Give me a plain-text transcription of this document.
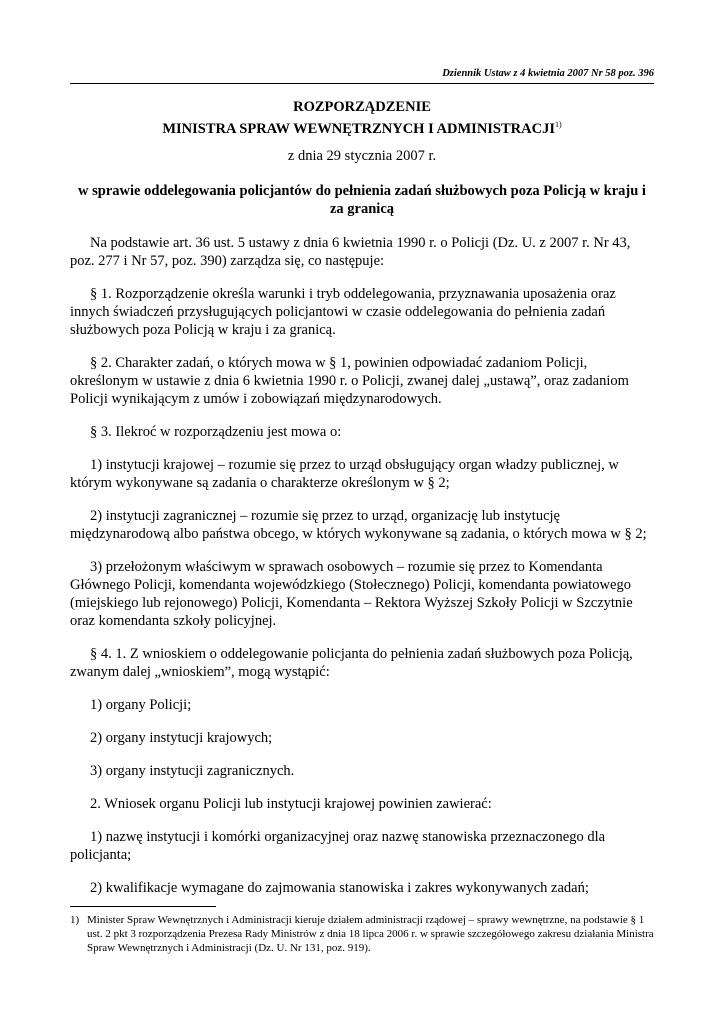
Dziennik Ustaw z 4 kwietnia 2007 Nr 58 poz. 396
ROZPORZĄDZENIE
MINISTRA SPRAW WEWNĘTRZNYCH I ADMINISTRACJI$^{1)}$
z dnia 29 stycznia 2007 r.
w sprawie oddelegowania policjantów do pełnienia zadań służbowych poza Policją w kraju i za granicą

Na podstawie art. 36 ust. 5 ustawy z dnia 6 kwietnia 1990 r. o Policji (Dz. U. z 2007 r. Nr 43, poz. 277 i Nr 57, poz. 390) zarządza się, co następuje:

§ 1. Rozporządzenie określa warunki i tryb oddelegowania, przyznawania uposażenia oraz innych świadczeń przysługujących policjantowi w czasie oddelegowania do pełnienia zadań służbowych poza Policją w kraju i za granicą.

§ 2. Charakter zadań, o których mowa w § 1, powinien odpowiadać zadaniom Policji, określonym w ustawie z dnia 6 kwietnia 1990 r. o Policji, zwanej dalej „ustawą”, oraz zadaniom Policji wynikającym z umów i zobowiązań międzynarodowych.

§ 3. Ilekroć w rozporządzeniu jest mowa o:

1) instytucji krajowej – rozumie się przez to urząd obsługujący organ władzy publicznej, w którym wykonywane są zadania o charakterze określonym w § 2;

2) instytucji zagranicznej – rozumie się przez to urząd, organizację lub instytucję międzynarodową albo państwa obcego, w których wykonywane są zadania, o których mowa w § 2;

3) przełożonym właściwym w sprawach osobowych – rozumie się przez to Komendanta Głównego Policji, komendanta wojewódzkiego (Stołecznego) Policji, komendanta powiatowego (miejskiego lub rejonowego) Policji, Komendanta – Rektora Wyższej Szkoły Policji w Szczytnie oraz komendanta szkoły policyjnej.

§ 4. 1. Z wnioskiem o oddelegowanie policjanta do pełnienia zadań służbowych poza Policją, zwanym dalej „wnioskiem”, mogą wystąpić:

1) organy Policji;

2) organy instytucji krajowych;

3) organy instytucji zagranicznych.

2. Wniosek organu Policji lub instytucji krajowej powinien zawierać:

1) nazwę instytucji i komórki organizacyjnej oraz nazwę stanowiska przeznaczonego dla policjanta;

2) kwalifikacje wymagane do zajmowania stanowiska i zakres wykonywanych zadań;

1) Minister Spraw Wewnętrznych i Administracji kieruje działem administracji rządowej – sprawy wewnętrzne, na podstawie § 1 ust. 2 pkt 3 rozporządzenia Prezesa Rady Ministrów z dnia 18 lipca 2006 r. w sprawie szczegółowego zakresu działania Ministra Spraw Wewnętrznych i Administracji (Dz. U. Nr 131, poz. 919).
